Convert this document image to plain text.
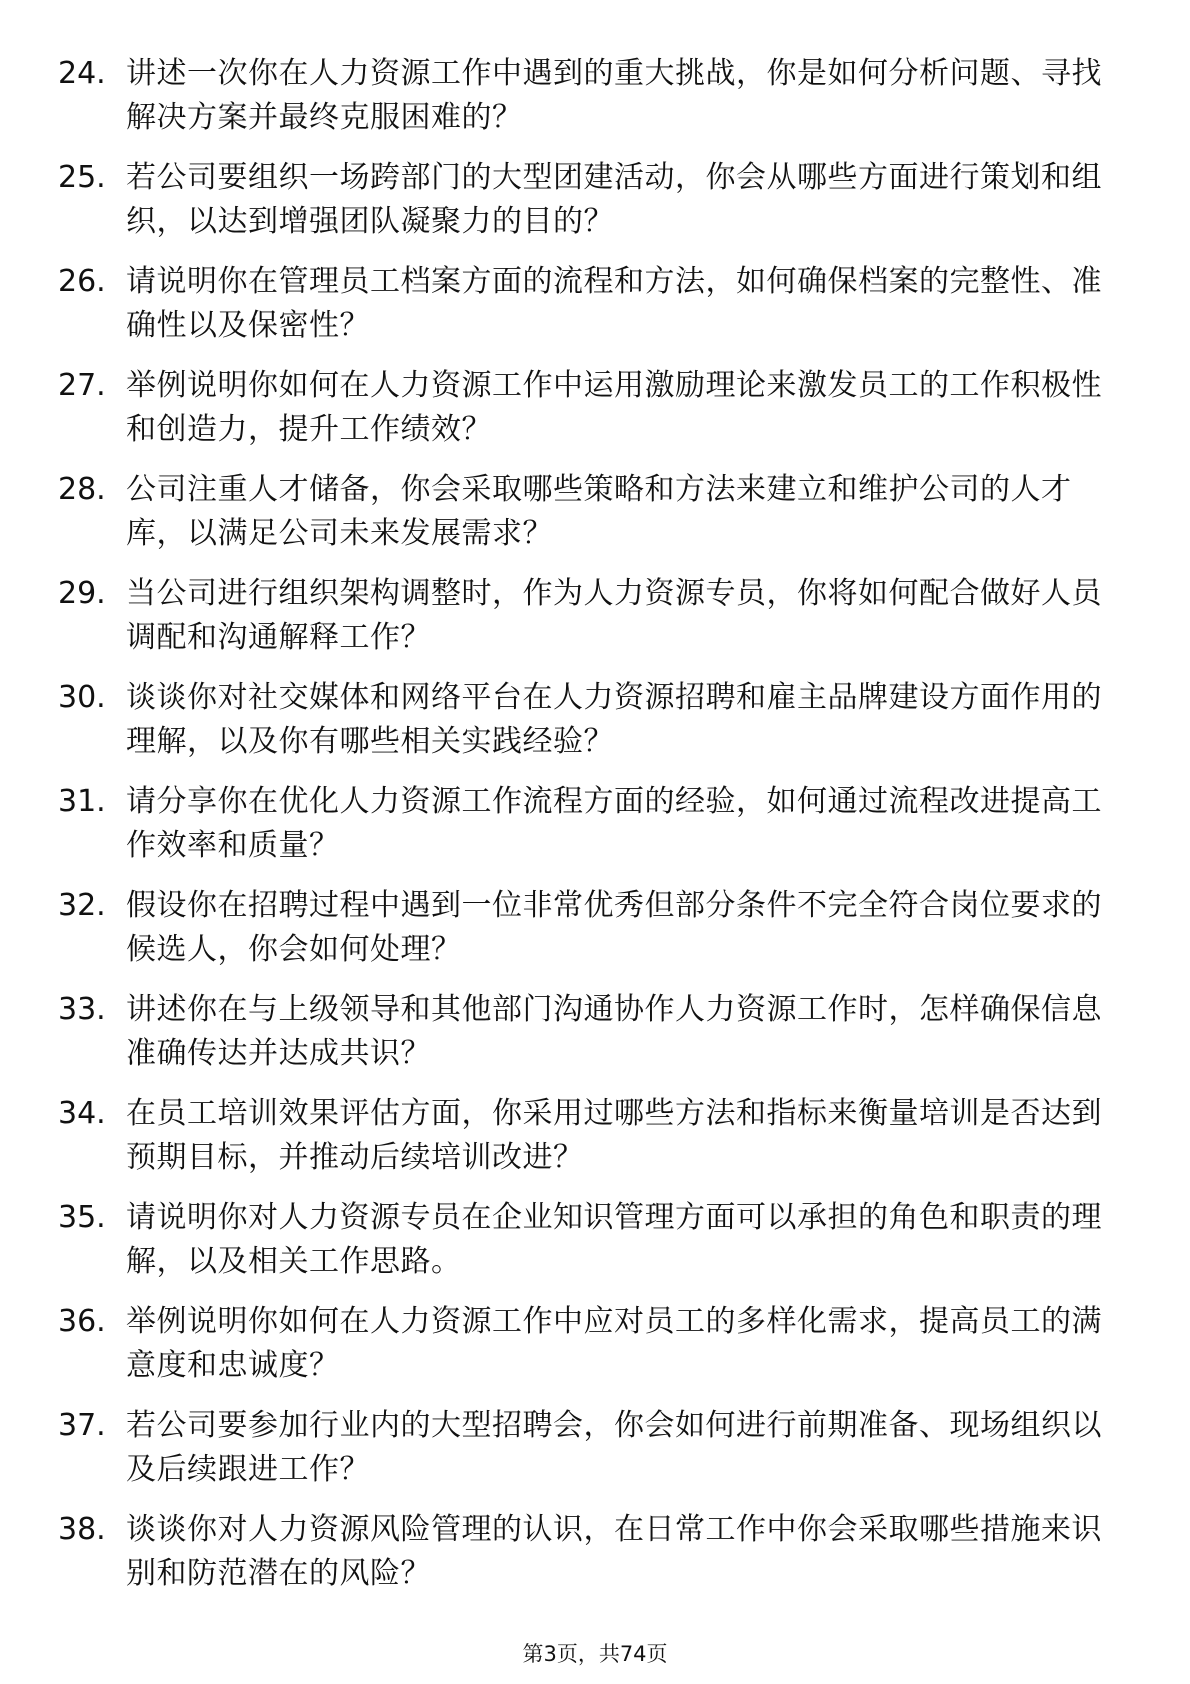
24. 讲述一次你在人力资源工作中遇到的重大挑战，你是如何分析问题、寻找解决方案并最终克服困难的？
25. 若公司要组织一场跨部门的大型团建活动，你会从哪些方面进行策划和组织，以达到增强团队凝聚力的目的？
26. 请说明你在管理员工档案方面的流程和方法，如何确保档案的完整性、准确性以及保密性？
27. 举例说明你如何在人力资源工作中运用激励理论来激发员工的工作积极性和创造力，提升工作绩效？
28. 公司注重人才储备，你会采取哪些策略和方法来建立和维护公司的人才库，以满足公司未来发展需求？
29. 当公司进行组织架构调整时，作为人力资源专员，你将如何配合做好人员调配和沟通解释工作？
30. 谈谈你对社交媒体和网络平台在人力资源招聘和雇主品牌建设方面作用的理解，以及你有哪些相关实践经验？
31. 请分享你在优化人力资源工作流程方面的经验，如何通过流程改进提高工作效率和质量？
32. 假设你在招聘过程中遇到一位非常优秀但部分条件不完全符合岗位要求的候选人，你会如何处理？
33. 讲述你在与上级领导和其他部门沟通协作人力资源工作时，怎样确保信息准确传达并达成共识？
34. 在员工培训效果评估方面，你采用过哪些方法和指标来衡量培训是否达到预期目标，并推动后续培训改进？
35. 请说明你对人力资源专员在企业知识管理方面可以承担的角色和职责的理解，以及相关工作思路。
36. 举例说明你如何在人力资源工作中应对员工的多样化需求，提高员工的满意度和忠诚度？
37. 若公司要参加行业内的大型招聘会，你会如何进行前期准备、现场组织以及后续跟进工作？
38. 谈谈你对人力资源风险管理的认识，在日常工作中你会采取哪些措施来识别和防范潜在的风险？
第3页，共74页
